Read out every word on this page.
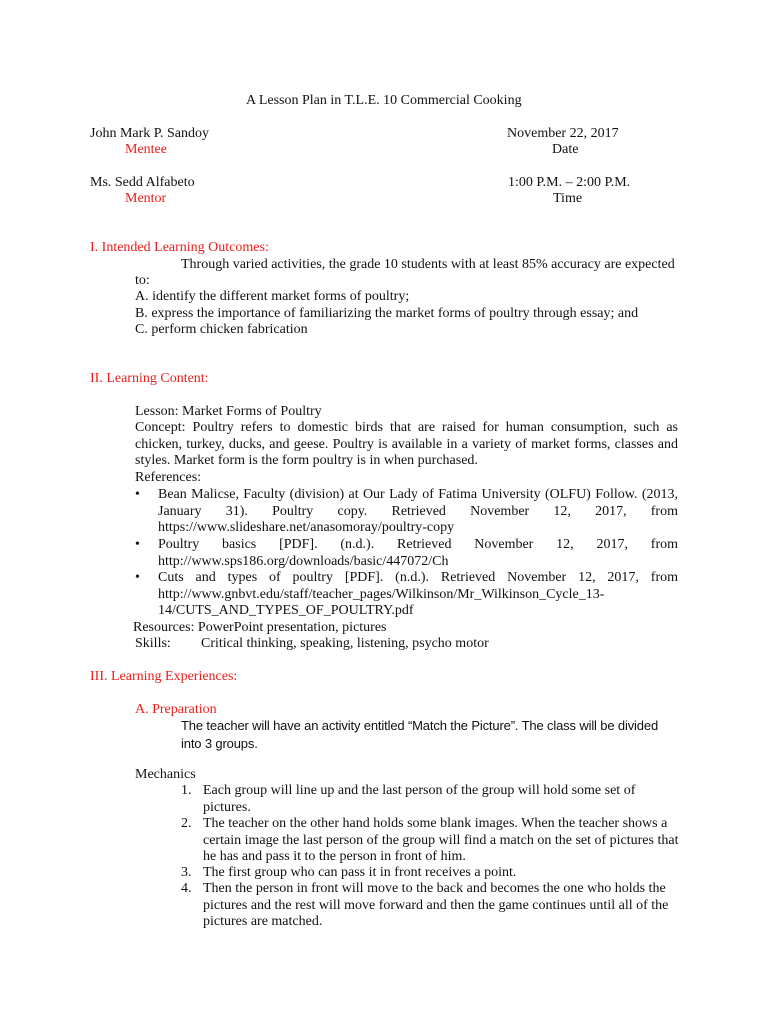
A Lesson Plan in T.L.E. 10 Commercial Cooking
John Mark P. Sandoy
Mentee
November 22, 2017
Date
Ms. Sedd Alfabeto
Mentor
1:00 P.M. – 2:00 P.M.
Time
I. Intended Learning Outcomes:
Through varied activities, the grade 10 students with at least 85% accuracy are expected
to:
A. identify the different market forms of poultry;
B. express the importance of familiarizing the market forms of poultry through essay; and
C. perform chicken fabrication
II. Learning Content:
Lesson: Market Forms of Poultry
Concept: Poultry refers to domestic birds that are raised for human consumption, such as chicken, turkey, ducks, and geese. Poultry is available in a variety of market forms, classes and styles. Market form is the form poultry is in when purchased.
References:
• Bean Malicse, Faculty (division) at Our Lady of Fatima University (OLFU) Follow. (2013, January 31). Poultry copy. Retrieved November 12, 2017, from https://www.slideshare.net/anasomoray/poultry-copy
• Poultry basics [PDF]. (n.d.). Retrieved November 12, 2017, from http://www.sps186.org/downloads/basic/447072/Ch
• Cuts and types of poultry [PDF]. (n.d.). Retrieved November 12, 2017, from http://www.gnbvt.edu/staff/teacher_pages/Wilkinson/Mr_Wilkinson_Cycle_13-14/CUTS_AND_TYPES_OF_POULTRY.pdf
Resources: PowerPoint presentation, pictures
Skills: Critical thinking, speaking, listening, psycho motor
III. Learning Experiences:
A. Preparation
The teacher will have an activity entitled “Match the Picture”. The class will be divided
into 3 groups.
Mechanics
1. Each group will line up and the last person of the group will hold some set of
pictures.
2. The teacher on the other hand holds some blank images. When the teacher shows a
certain image the last person of the group will find a match on the set of pictures that
he has and pass it to the person in front of him.
3. The first group who can pass it in front receives a point.
4. Then the person in front will move to the back and becomes the one who holds the
pictures and the rest will move forward and then the game continues until all of the
pictures are matched.
